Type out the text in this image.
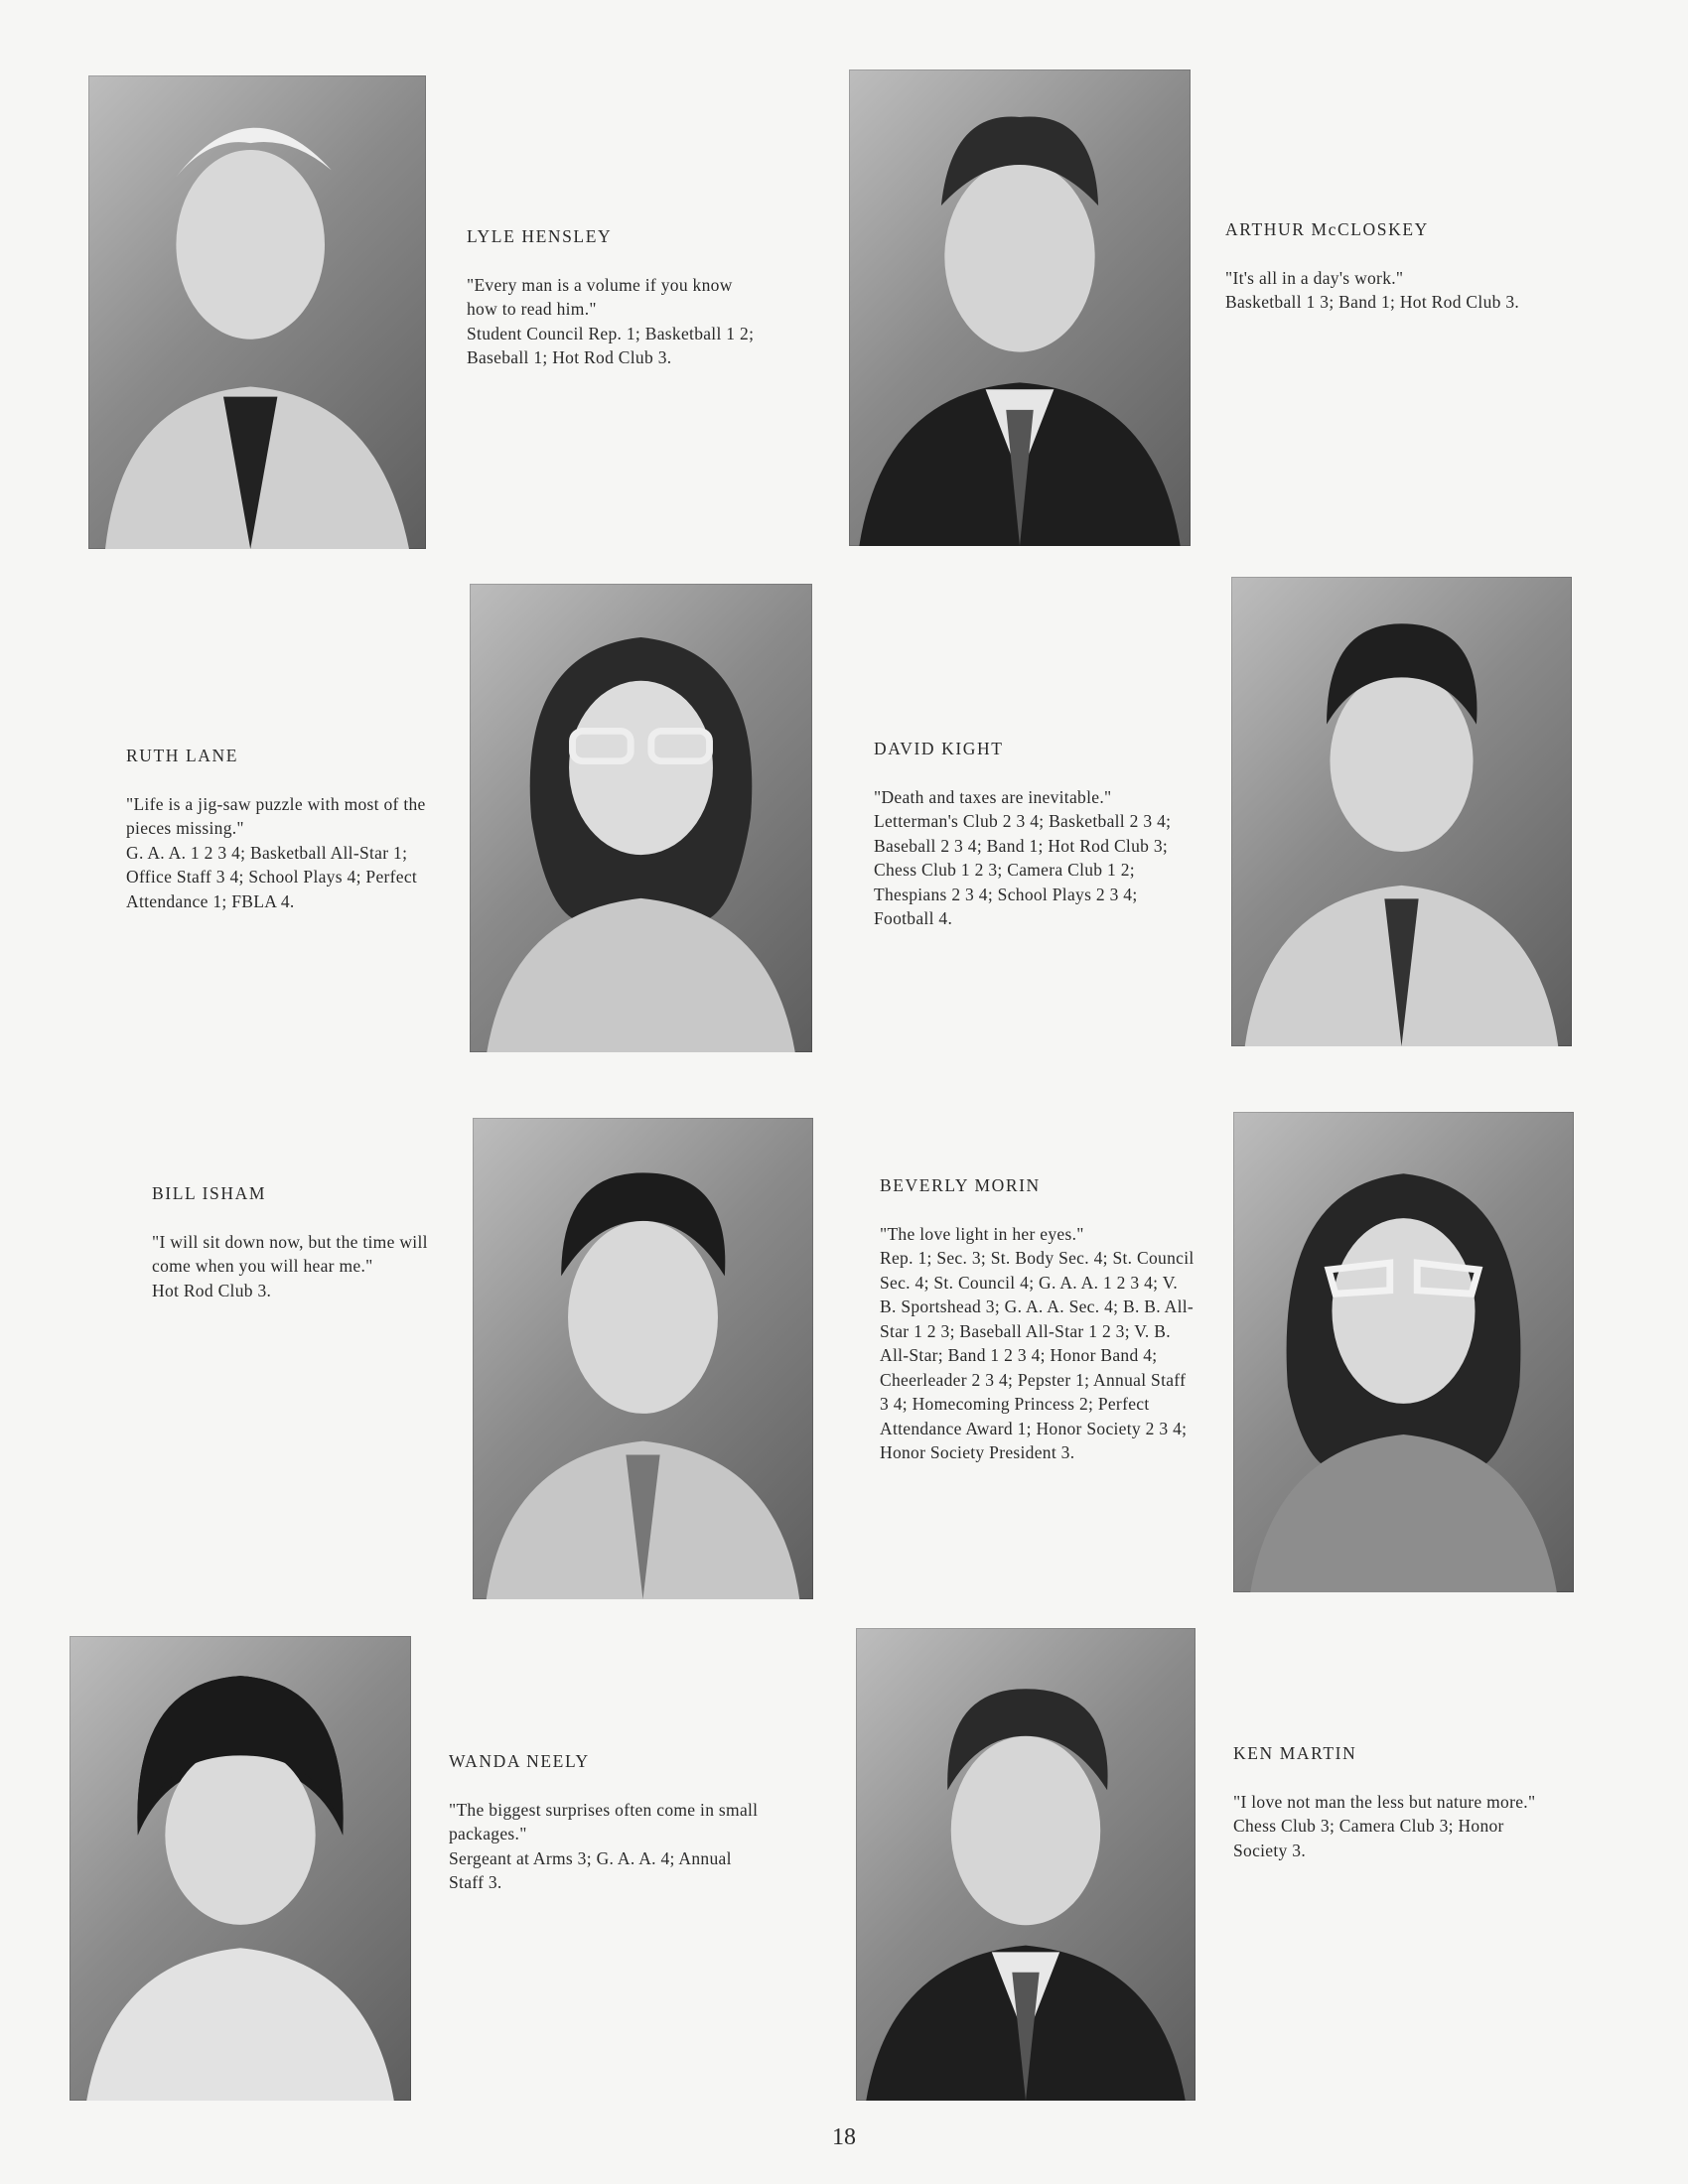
LYLE HENSLEY
"Every man is a volume if you know how to read him."
Student Council Rep. 1; Basketball 1 2; Baseball 1; Hot Rod Club 3.
ARTHUR McCLOSKEY
"It's all in a day's work."
Basketball 1 3; Band 1; Hot Rod Club 3.
RUTH LANE
"Life is a jig-saw puzzle with most of the pieces missing."
G. A. A. 1 2 3 4; Basketball All-Star 1; Office Staff 3 4; School Plays 4; Perfect Attendance 1; FBLA 4.
DAVID KIGHT
"Death and taxes are inevitable."
Letterman's Club 2 3 4; Basketball 2 3 4; Baseball 2 3 4; Band 1; Hot Rod Club 3; Chess Club 1 2 3; Camera Club 1 2; Thespians 2 3 4; School Plays 2 3 4; Football 4.
BILL ISHAM
"I will sit down now, but the time will come when you will hear me."
Hot Rod Club 3.
BEVERLY MORIN
"The love light in her eyes."
Rep. 1; Sec. 3; St. Body Sec. 4; St. Council Sec. 4; St. Council 4; G. A. A. 1 2 3 4; V. B. Sportshead 3; G. A. A. Sec. 4; B. B. All-Star 1 2 3; Baseball All-Star 1 2 3; V. B. All-Star; Band 1 2 3 4; Honor Band 4; Cheerleader 2 3 4; Pepster 1; Annual Staff 3 4; Homecoming Princess 2; Perfect Attendance Award 1; Honor Society 2 3 4; Honor Society President 3.
WANDA NEELY
"The biggest surprises often come in small packages."
Sergeant at Arms 3; G. A. A. 4; Annual Staff 3.
KEN MARTIN
"I love not man the less but nature more."
Chess Club 3; Camera Club 3; Honor Society 3.
18
